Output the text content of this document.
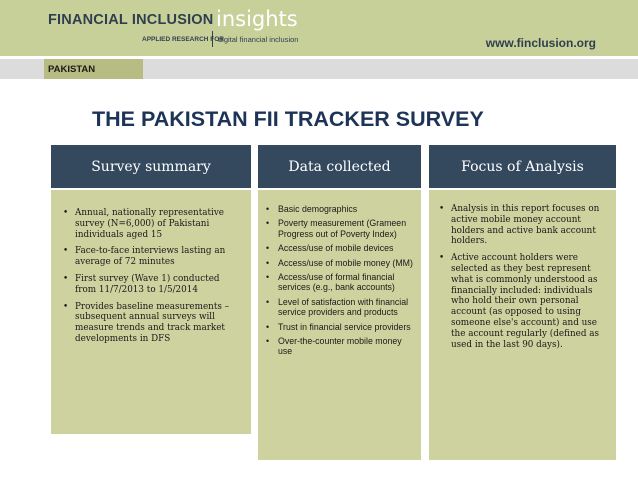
FINANCIAL INCLUSION insights
APPLIED RESEARCH FOR
digital financial inclusion	www.finclusion.org
PAKISTAN
THE PAKISTAN FII TRACKER SURVEY
Survey summary
• Annual, nationally representative survey (N=6,000) of Pakistani individuals aged 15
• Face-to-face interviews lasting an average of 72 minutes
• First survey (Wave 1) conducted from 11/7/2013 to 1/5/2014
• Provides baseline measurements – subsequent annual surveys will measure trends and track market developments in DFS
Data collected
• Basic demographics
• Poverty measurement (Grameen Progress out of Poverty Index)
• Access/use of mobile devices
• Access/use of mobile money (MM)
• Access/use of formal financial services (e.g., bank accounts)
• Level of satisfaction with financial service providers and products
• Trust in financial service providers
• Over-the-counter mobile money use
Focus of Analysis
• Analysis in this report focuses on active mobile money account holders and active bank account holders.
• Active account holders were selected as they best represent what is commonly understood as financially included: individuals who hold their own personal account (as opposed to using someone else's account) and use the account regularly (defined as used in the last 90 days).
